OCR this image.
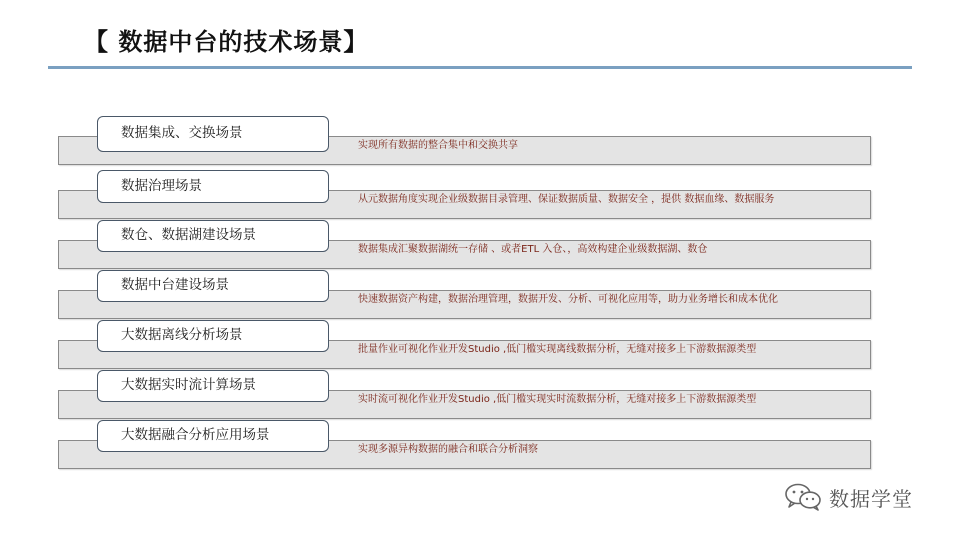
【 数据中台的技术场景】
数据集成、交换场景
实现所有数据的整合集中和交换共享
数据治理场景
从元数据角度实现企业级数据目录管理、保证数据质量、数据安全 ，提供 数据血缘、数据服务
数仓、数据湖建设场景
数据集成汇聚数据湖统一存储 、或者ETL 入仓、，高效构建企业级数据湖、数仓
数据中台建设场景
快速数据资产构建，数据治理管理，数据开发、分析、可视化应用等，助力业务增长和成本优化
大数据离线分析场景
批量作业可视化作业开发Studio ,低门槛实现离线数据分析，无缝对接多上下游数据源类型
大数据实时流计算场景
实时流可视化作业开发Studio ,低门槛实现实时流数据分析，无缝对接多上下游数据源类型
大数据融合分析应用场景
实现多源异构数据的融合和联合分析洞察
数据学堂
